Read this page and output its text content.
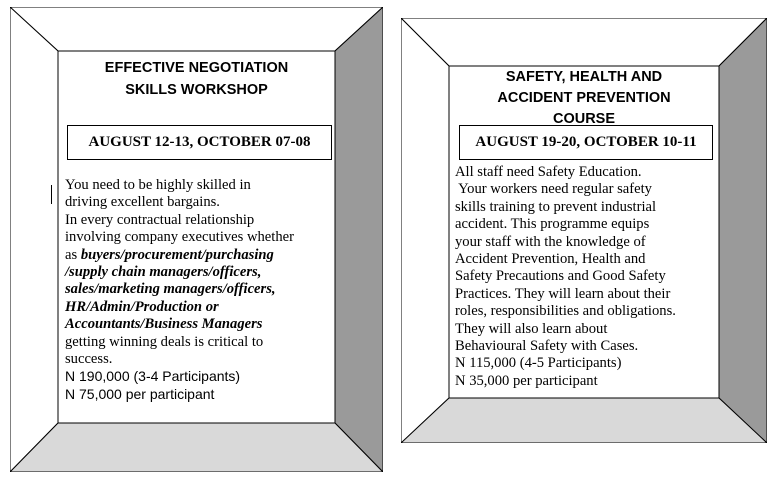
EFFECTIVE NEGOTIATION
SKILLS WORKSHOP
AUGUST 12-13, OCTOBER 07-08
You need to be highly skilled in
driving excellent bargains.
In every contractual relationship
involving company executives whether
as buyers/procurement/purchasing
/supply chain managers/officers,
sales/marketing managers/officers,
HR/Admin/Production or
Accountants/Business Managers
getting winning deals is critical to
success.
N 190,000 (3-4 Participants)
N 75,000 per participant
SAFETY, HEALTH AND
ACCIDENT PREVENTION
COURSE
AUGUST 19-20, OCTOBER 10-11
All staff need Safety Education.
Your workers need regular safety
skills training to prevent industrial
accident. This programme equips
your staff with the knowledge of
Accident Prevention, Health and
Safety Precautions and Good Safety
Practices. They will learn about their
roles, responsibilities and obligations.
They will also learn about
Behavioural Safety with Cases.
N 115,000 (4-5 Participants)
N 35,000 per participant
